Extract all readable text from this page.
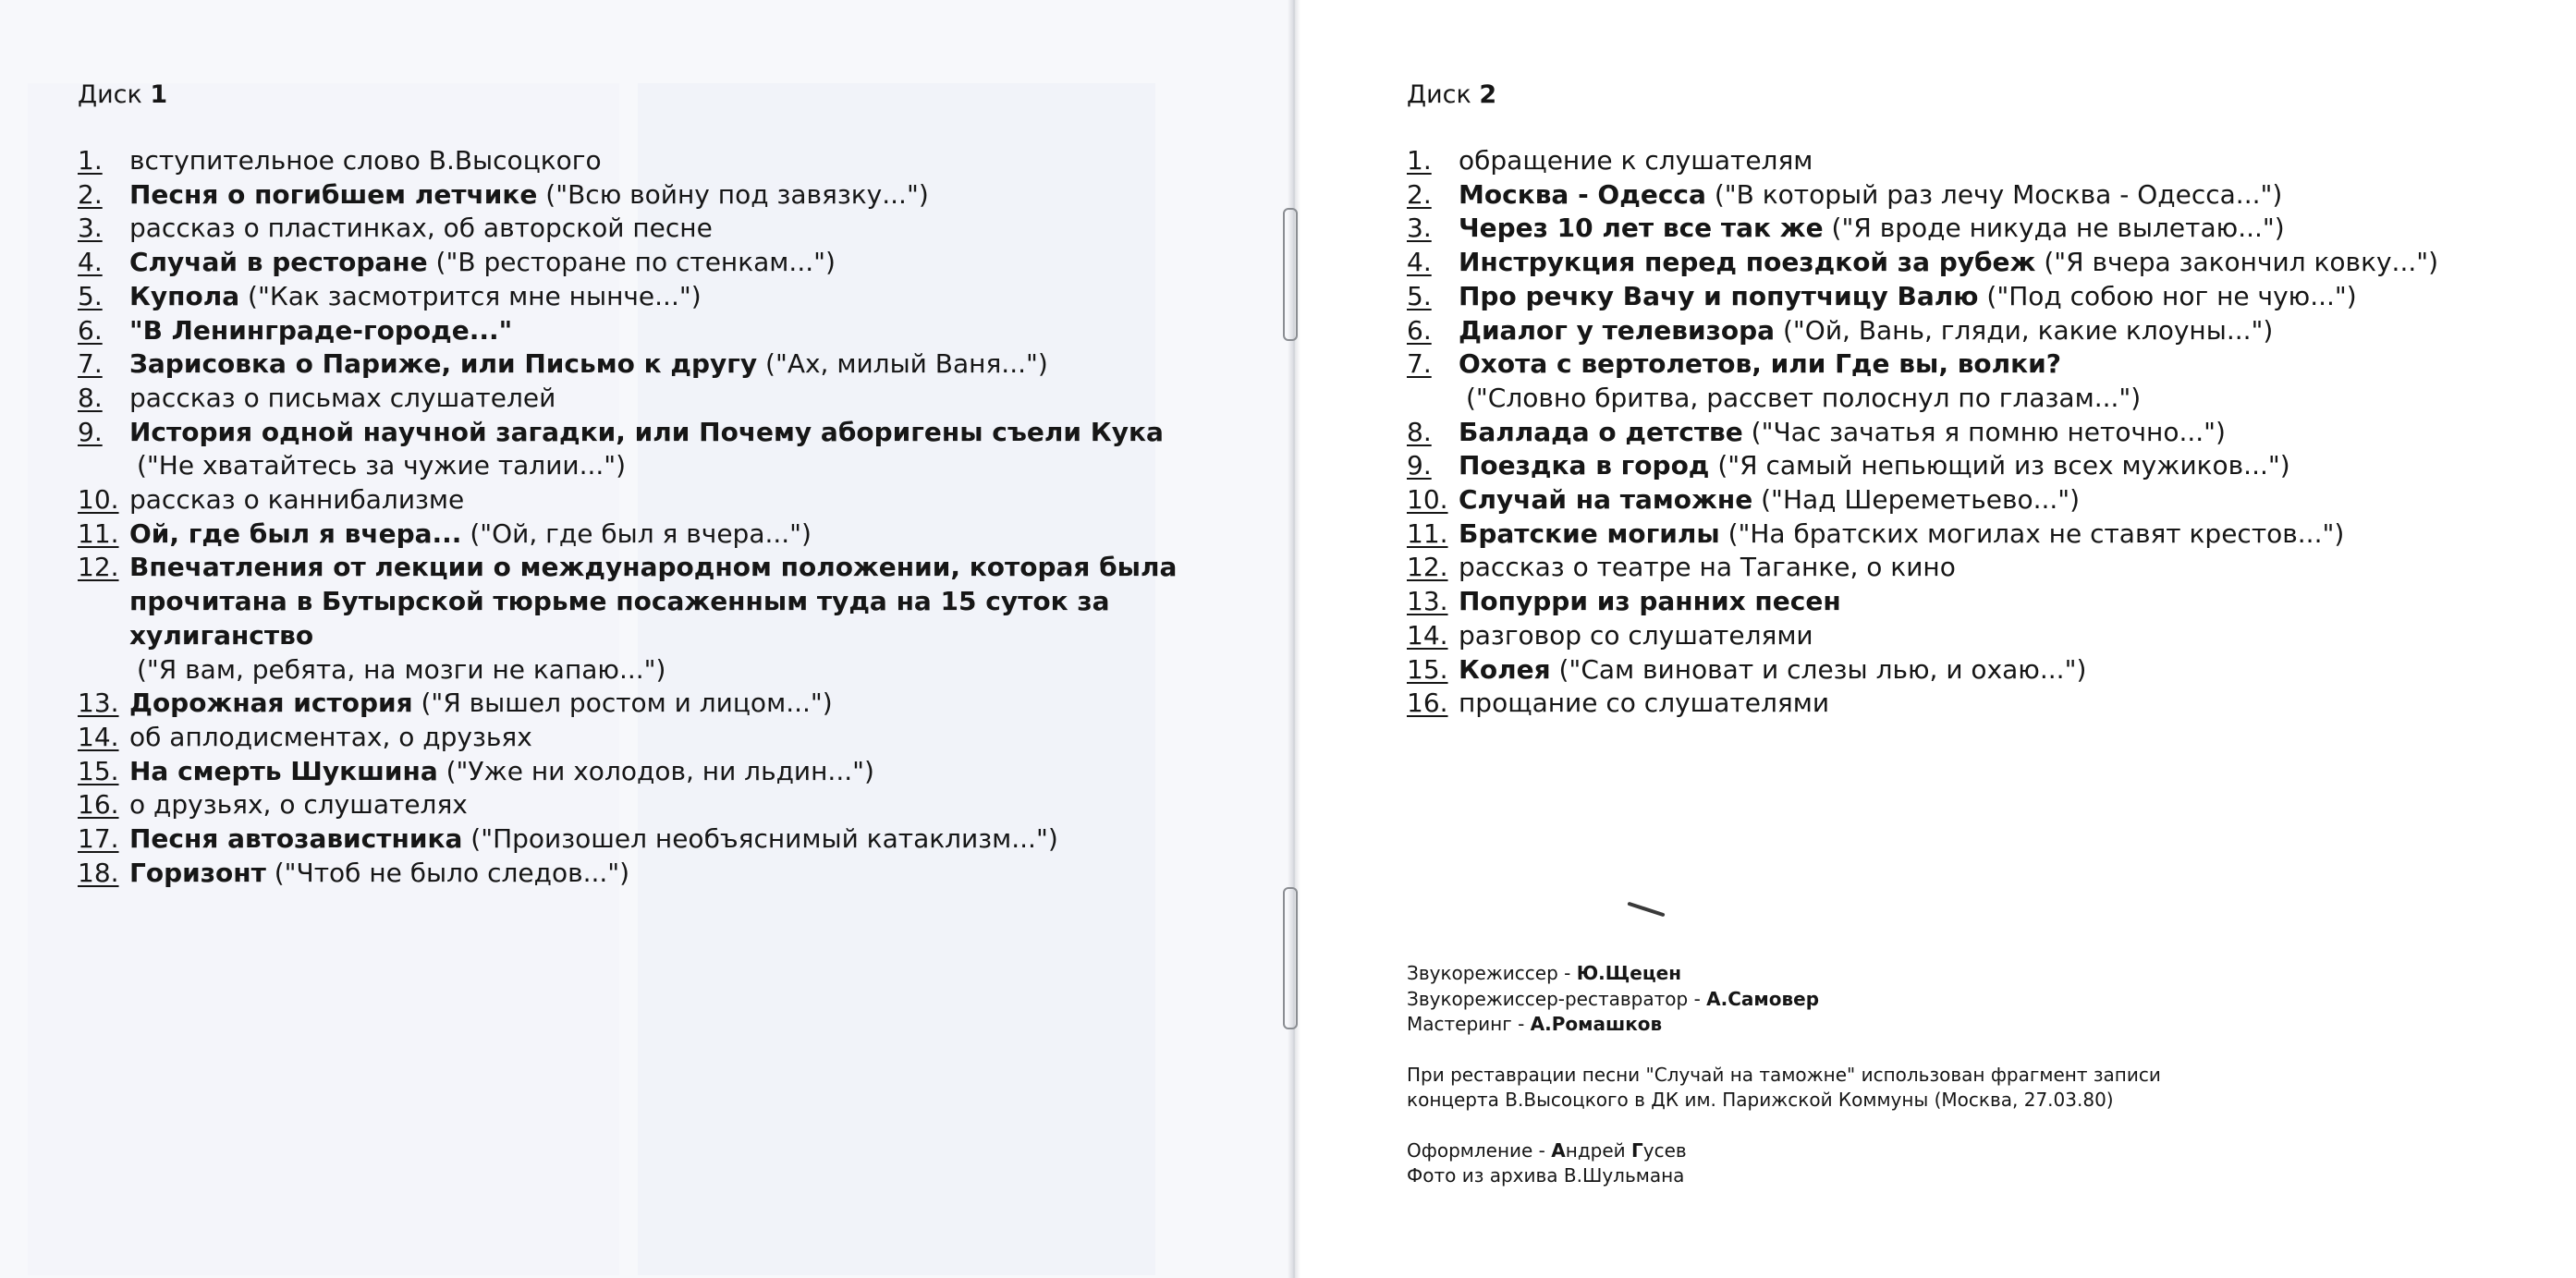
Диск 1
1. вступительное слово В.Высоцкого
2. Песня о погибшем летчике ("Всю войну под завязку...")
3. рассказ о пластинках, об авторской песне
4. Случай в ресторане ("В ресторане по стенкам...")
5. Купола ("Как засмотрится мне нынче...")
6. "В Ленинграде-городе..."
7. Зарисовка о Париже, или Письмо к другу ("Ах, милый Ваня...")
8. рассказ о письмах слушателей
9. История одной научной загадки, или Почему аборигены съели Кука
("Не хватайтесь за чужие талии...")
10. рассказ о каннибализме
11. Ой, где был я вчера... ("Ой, где был я вчера...")
12. Впечатления от лекции о международном положении, которая была
прочитана в Бутырской тюрьме посаженным туда на 15 суток за
хулиганство
("Я вам, ребята, на мозги не капаю...")
13. Дорожная история ("Я вышел ростом и лицом...")
14. об аплодисментах, о друзьях
15. На смерть Шукшина ("Уже ни холодов, ни льдин...")
16. о друзьях, о слушателях
17. Песня автозавистника ("Произошел необъяснимый катаклизм...")
18. Горизонт ("Чтоб не было следов...")
Диск 2
1. обращение к слушателям
2. Москва - Одесса ("В который раз лечу Москва - Одесса...")
3. Через 10 лет все так же ("Я вроде никуда не вылетаю...")
4. Инструкция перед поездкой за рубеж ("Я вчера закончил ковку...")
5. Про речку Вачу и попутчицу Валю ("Под собою ног не чую...")
6. Диалог у телевизора ("Ой, Вань, гляди, какие клоуны...")
7. Охота с вертолетов, или Где вы, волки?
("Словно бритва, рассвет полоснул по глазам...")
8. Баллада о детстве ("Час зачатья я помню неточно...")
9. Поездка в город ("Я самый непьющий из всех мужиков...")
10. Случай на таможне ("Над Шереметьево...")
11. Братские могилы ("На братских могилах не ставят крестов...")
12. рассказ о театре на Таганке, о кино
13. Попурри из ранних песен
14. разговор со слушателями
15. Колея ("Сам виноват и слезы лью, и охаю...")
16. прощание со слушателями

Звукорежиссер - Ю.Щецен

Звукорежиссер-реставратор - А.Самовер

Мастеринг - А.Ромашков

При реставрации песни "Случай на таможне" использован фрагмент записи

концерта В.Высоцкого в ДК им. Парижской Коммуны (Москва, 27.03.80)

Оформление - Андрей Гусев

Фото из архива В.Шульмана
